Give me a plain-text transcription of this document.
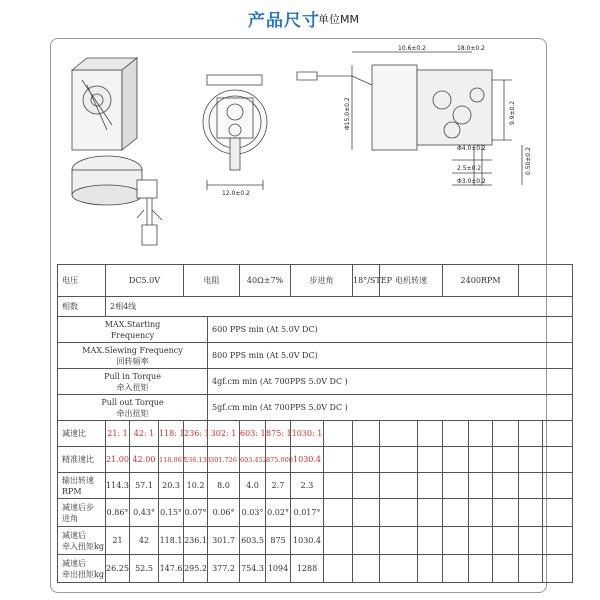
产品尺寸
单位MM
10.6±0.2	18.0±0.2
Φ15.0±0.2	9.9±0.2
12.0±0.2
Φ4.0±0.2	0.50±0.2
2.5±0.2
Φ3.0±0.2
电压	DC5.0V			电阻		40Ω±7%		步进角		18°/STEP	电机转速		2400RPM				
相数	2相4线																
MAX.Starting
Frequency					600 PPS min (At 5.0V DC)												
MAX.Slewing Frequency
回转频率					800 PPS min (At 5.0V DC)												
Pull in Torque
牵入扭矩					4gf.cm min (At 700PPS 5.0V DC )												
Pull out Torque
牵出扭矩					5gf.cm min (At 700PPS 5.0V DC )												
减速比	21: 1	42: 1	118: 1	236: 1	302: 1	603: 1	875: 1	1030: 1									
精准速比	21.00	42.00	118.067	236.133	301.726	603.452	875.000	1030.4									
输出转速
RPM	114.3	57.1	20.3	10.2	8.0	4.0	2.7	2.3									
减速后步
进角	0.86°	0.43°	0.15°	0.07°	0.06°	0.03°	0.02°	0.017°									
减速后
牵入扭矩kg	21	42	118.1	236.1	301.7	603.5	875	1030.4									
减速后
牵出扭矩kg	26.25	52.5	147.6	295.2	377.2	754.3	1094	1288									
